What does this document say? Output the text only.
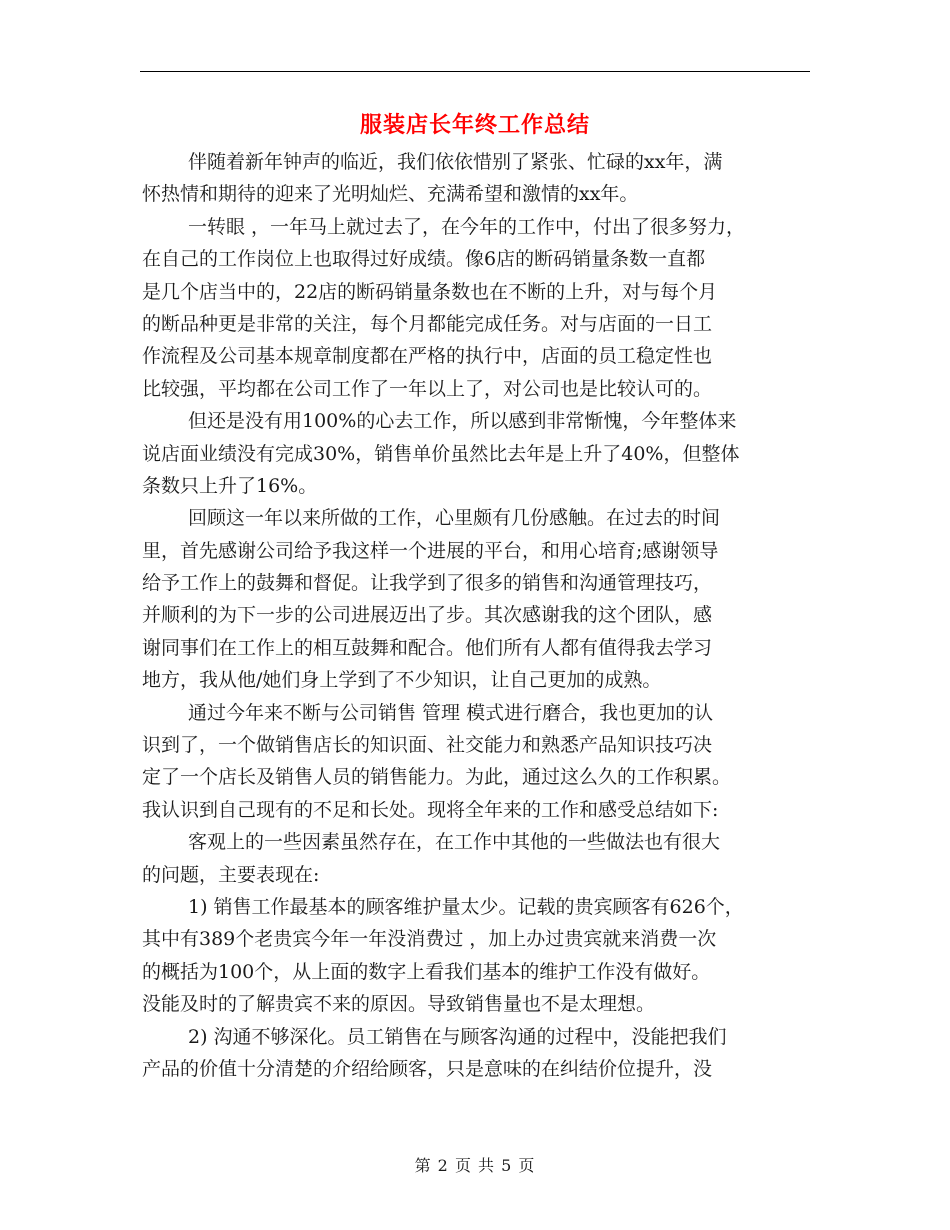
服装店长年终工作总结
伴随着新年钟声的临近，我们依依惜别了紧张、忙碌的xx年，满
怀热情和期待的迎来了光明灿烂、充满希望和激情的xx年。
一转眼 ，一年马上就过去了，在今年的工作中，付出了很多努力，
在自己的工作岗位上也取得过好成绩。像6店的断码销量条数一直都
是几个店当中的，22店的断码销量条数也在不断的上升，对与每个月
的断品种更是非常的关注，每个月都能完成任务。对与店面的一日工
作流程及公司基本规章制度都在严格的执行中，店面的员工稳定性也
比较强，平均都在公司工作了一年以上了，对公司也是比较认可的。
但还是没有用100%的心去工作，所以感到非常惭愧，今年整体来
说店面业绩没有完成30%，销售单价虽然比去年是上升了40%，但整体
条数只上升了16%。
回顾这一年以来所做的工作，心里颇有几份感触。在过去的时间
里，首先感谢公司给予我这样一个进展的平台，和用心培育;感谢领导
给予工作上的鼓舞和督促。让我学到了很多的销售和沟通管理技巧，
并顺利的为下一步的公司进展迈出了步。其次感谢我的这个团队，感
谢同事们在工作上的相互鼓舞和配合。他们所有人都有值得我去学习
地方，我从他/她们身上学到了不少知识，让自己更加的成熟。
通过今年来不断与公司销售 管理 模式进行磨合，我也更加的认
识到了，一个做销售店长的知识面、社交能力和熟悉产品知识技巧决
定了一个店长及销售人员的销售能力。为此，通过这么久的工作积累。
我认识到自己现有的不足和长处。现将全年来的工作和感受总结如下:
客观上的一些因素虽然存在，在工作中其他的一些做法也有很大
的问题，主要表现在:
1) 销售工作最基本的顾客维护量太少。记载的贵宾顾客有626个，
其中有389个老贵宾今年一年没消费过 ，加上办过贵宾就来消费一次
的概括为100个，从上面的数字上看我们基本的维护工作没有做好。
没能及时的了解贵宾不来的原因。导致销售量也不是太理想。
2) 沟通不够深化。员工销售在与顾客沟通的过程中，没能把我们
产品的价值十分清楚的介绍给顾客，只是意味的在纠结价位提升，没
第 2 页 共 5 页
